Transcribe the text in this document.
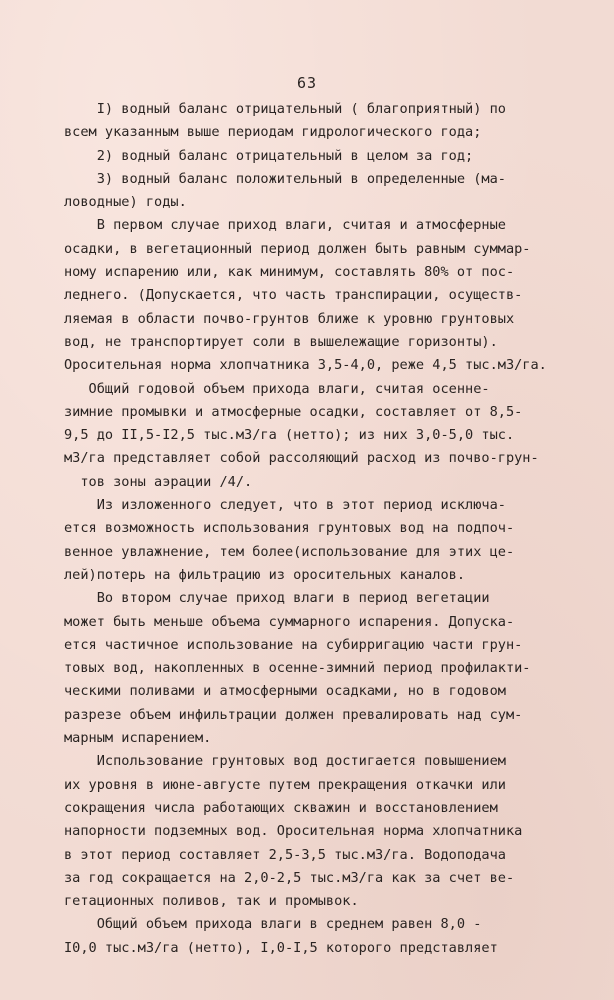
63
I) водный баланс отрицательный ( благоприятный) по
всем указанным выше периодам гидрологического года;
2) водный баланс отрицательный в целом за год;
3) водный баланс положительный в определенные (ма-
ловодные) годы.
В первом случае приход влаги, считая и атмосферные
осадки, в вегетационный период должен быть равным суммар-
ному испарению или, как минимум, составлять 80% от пос-
леднего. (Допускается, что часть транспирации, осуществ-
ляемая в области почво-грунтов ближе к уровню грунтовых
вод, не транспортирует соли в вышележащие горизонты).
Оросительная норма хлопчатника 3,5-4,0, реже 4,5 тыс.м3/га.
Общий годовой объем прихода влаги, считая осенне-
зимние промывки и атмосферные осадки, составляет от 8,5-
9,5 до II,5-I2,5 тыс.м3/га (нетто); из них 3,0-5,0 тыс.
м3/га представляет собой рассоляющий расход из почво-грун-
тов зоны аэрации /4/.
Из изложенного следует, что в этот период исключа-
ется возможность использования грунтовых вод на подпоч-
венное увлажнение, тем более(использование для этих це-
лей)потерь на фильтрацию из оросительных каналов.
Во втором случае приход влаги в период вегетации
может быть меньше объема суммарного испарения. Допуска-
ется частичное использование на субирригацию части грун-
товых вод, накопленных в осенне-зимний период профилакти-
ческими поливами и атмосферными осадками, но в годовом
разрезе объем инфильтрации должен превалировать над сум-
марным испарением.
Использование грунтовых вод достигается повышением
их уровня в июне-августе путем прекращения откачки или
сокращения числа работающих скважин и восстановлением
напорности подземных вод. Оросительная норма хлопчатника
в этот период составляет 2,5-3,5 тыс.м3/га. Водоподача
за год сокращается на 2,0-2,5 тыс.м3/га как за счет ве-
гетационных поливов, так и промывок.
Общий объем прихода влаги в среднем равен 8,0 -
I0,0 тыс.м3/га (нетто), I,0-I,5 которого представляет
